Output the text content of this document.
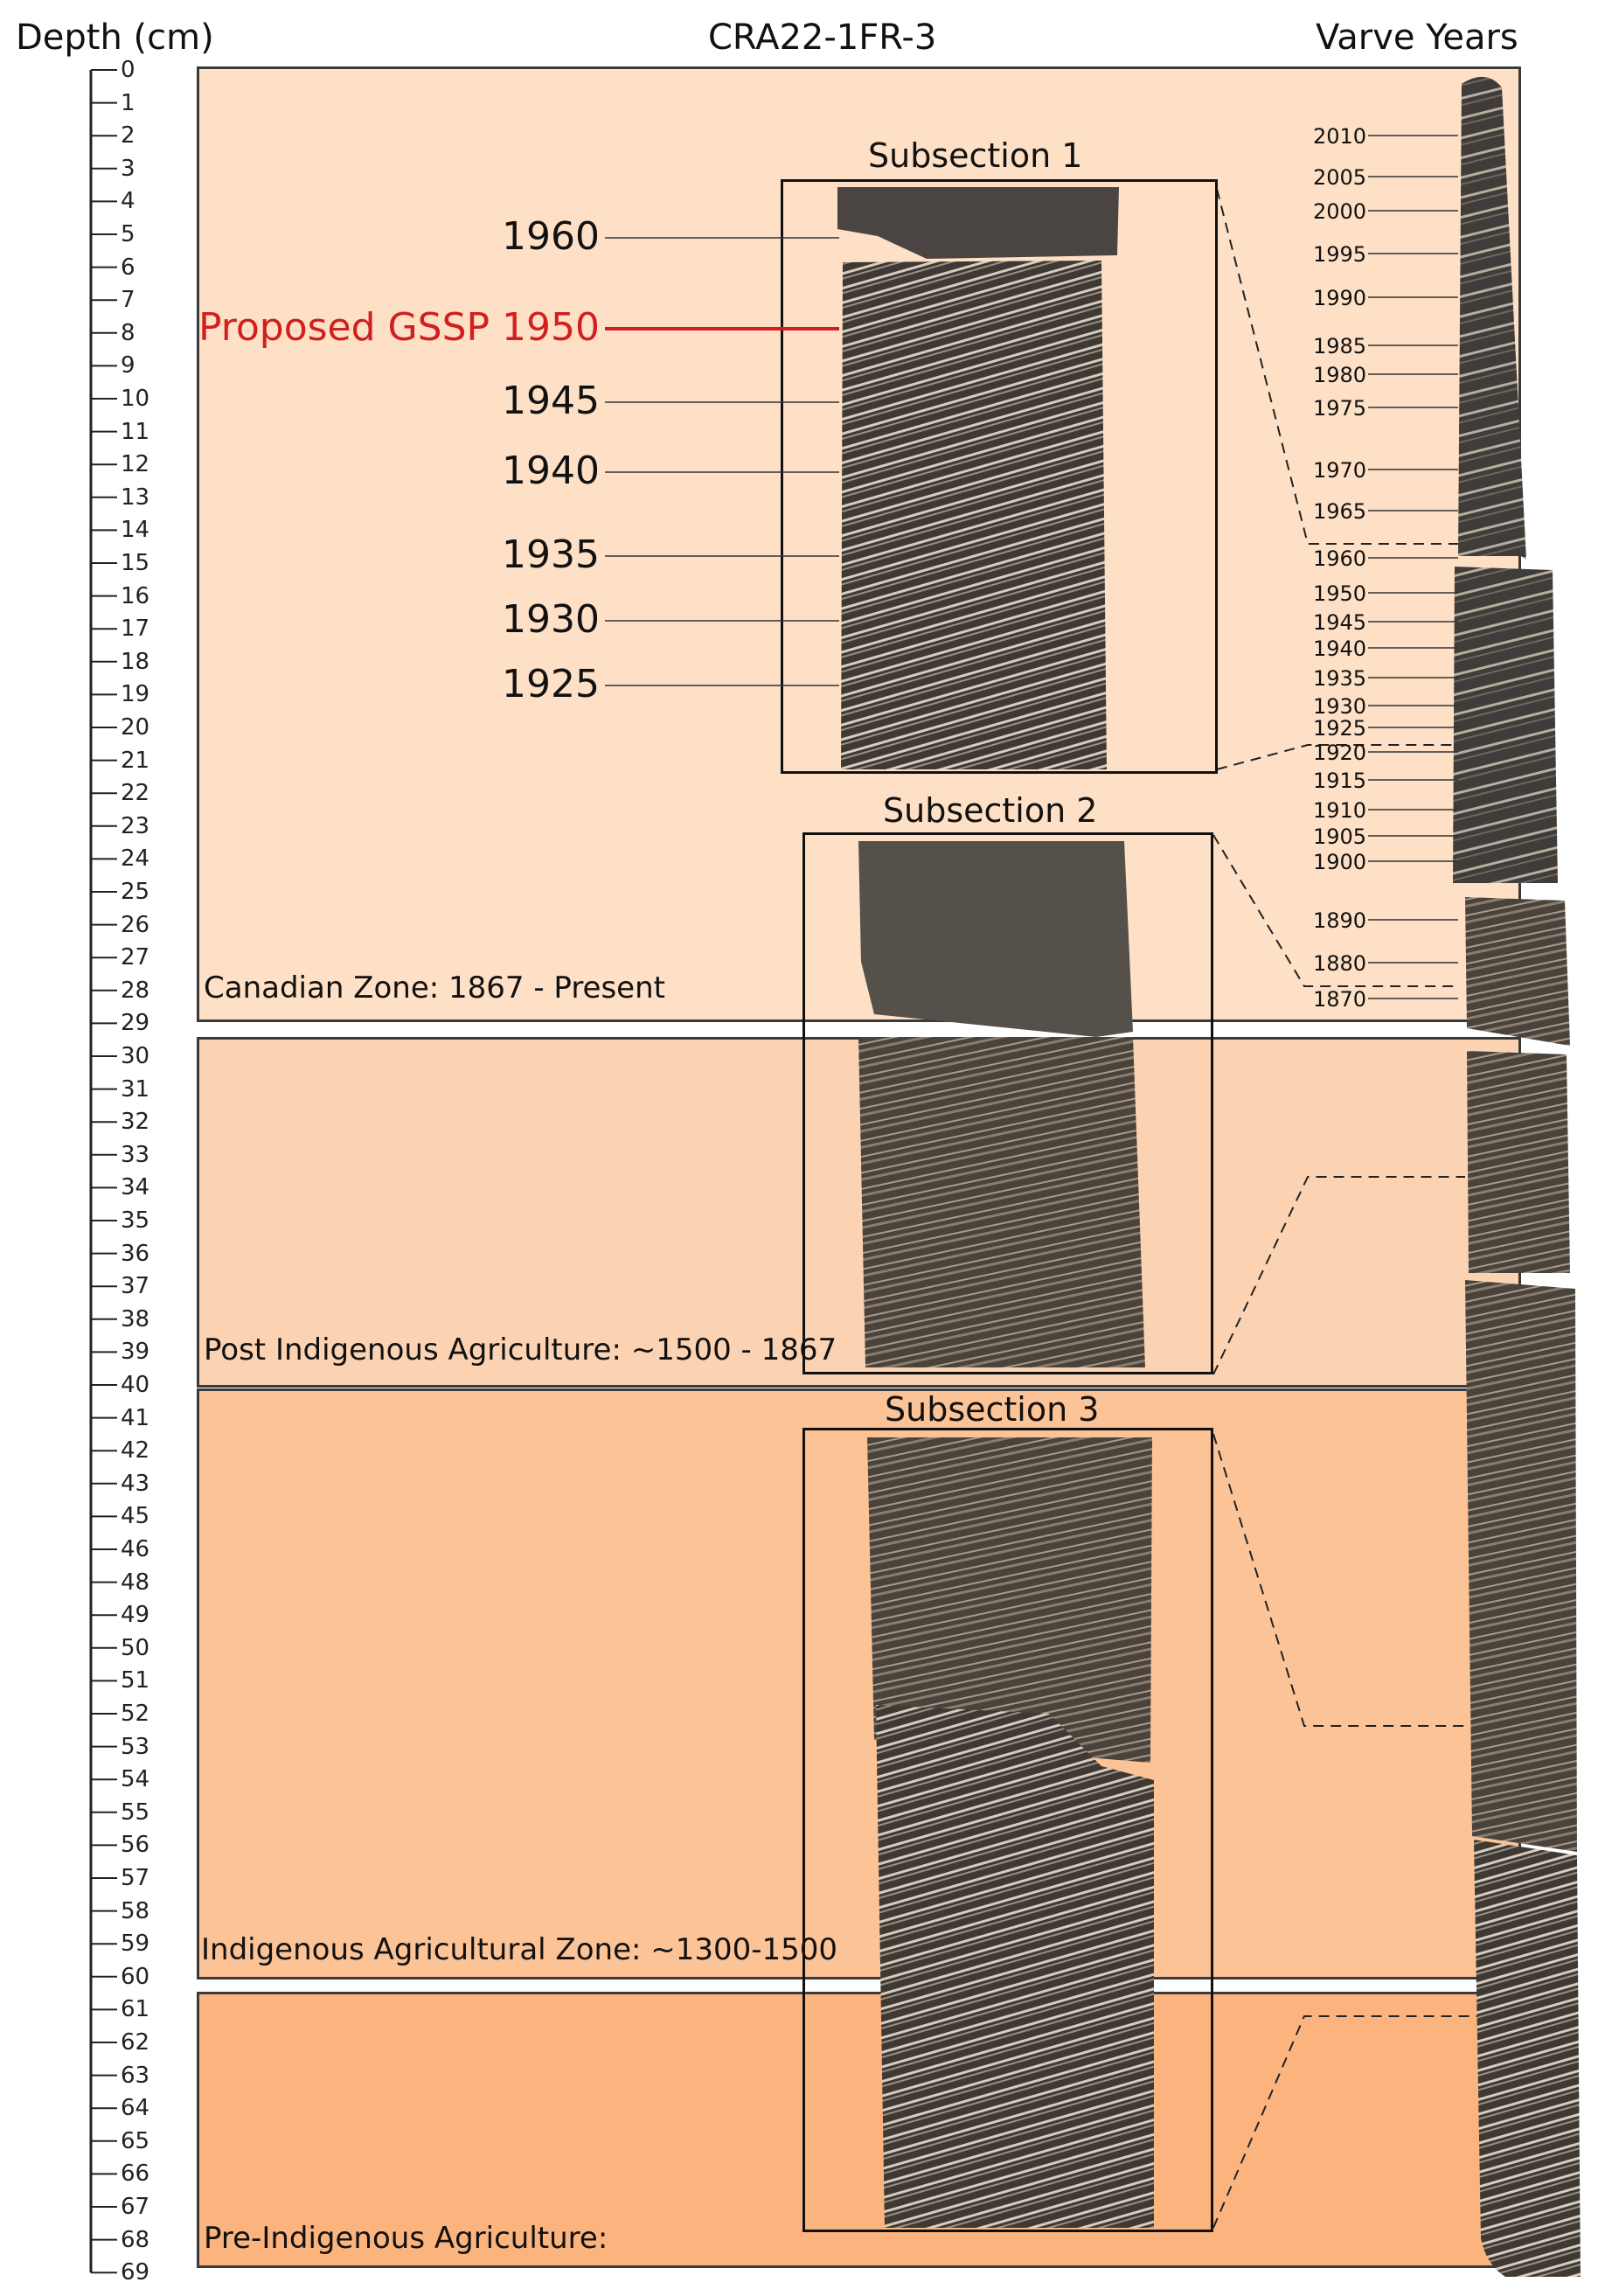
Depth (cm)	CRA22-1FR-3	Varve Years
0
1
2
3
4
5
6
7
8
9
10
11
12
13
14
15
16
17
18
19
20
21
22
23
24
25
26
27
28
29
30
31
32
33
34
35
36
37
38
39
40
41
42
43
45
46
48
49
50
51
52
53
54
55
56
57
58
59
60
61
62
63
64
65
66
67
68
69
Canadian Zone: 1867 - Present
Post Indigenous Agriculture: ~1500 - 1867
Indigenous Agricultural Zone: ~1300-1500
Pre-Indigenous Agriculture:
Subsection 1
Subsection 2
Subsection 3
1960
Proposed GSSP 1950
1945
1940
1935
1930
1925
2010
2005
2000
1995
1990
1985
1980
1975
1970
1965
1960
1950
1945
1940
1935
1930
1925
1920
1915
1910
1905
1900
1890
1880
1870
